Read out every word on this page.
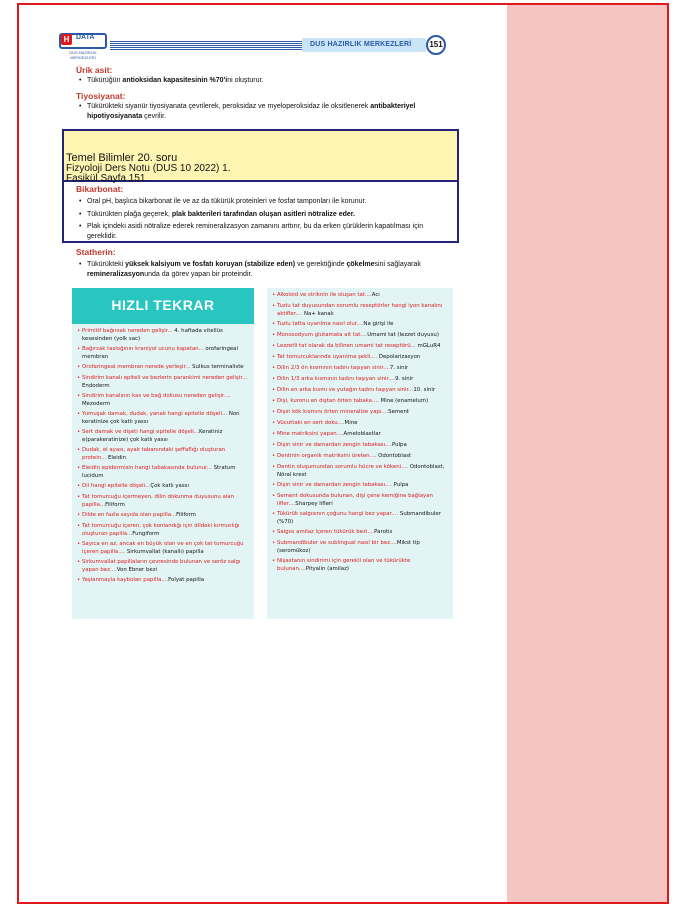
H DATA
DUS HAZIRLIK MERKEZLERİ
DUS HAZIRLIK MERKEZLERİ	151
Ürik asit:
• Tükürüğün antioksidan kapasitesinin %70'ini oluşturur.
Tiyosiyanat:
• Tükürükteki siyanür tiyosiyanata çevrilerek, peroksidaz ve myeloperoksidaz ile oksitlenerek antibakteriyel
hipotiyosiyanata çevrilir.
•
Temel Bilimler 20. soru
Fizyoloji Ders Notu (DUS 10 2022) 1.
Fasikül Sayfa 151
Bikarbonat:
• Oral pH, başlıca bikarbonat ile ve az da tükürük proteinleri ve fosfat tamponları ile korunur.
• Tükürükten plağa geçerek, plak bakterileri tarafından oluşan asitleri nötralize eder.
• Plak içindeki asidi nötralize ederek remineralizasyon zamanını arttırır, bu da erken çürüklerin kapatılması için
gereklidir.
Statherin:
• Tükürükteki yüksek kalsiyum ve fosfatı koruyan (stabilize eden) ve gerektiğinde çökelmesini sağlayarak
remineralizasyonunda da görev yapan bir proteindir.
HIZLI TEKRAR
• Primitif bağırsak nereden gelişir... 4. haftada vitellüs kesesinden (yolk sac)
• Bağırsak tasloğının kraniyol ucunu kapatan... orofaringeal membran
• Orofaringeal membran nerede yerleşir... Sulkus terminaliste
• Sindirim kanalı epiteli ve bezlerin parankimi nereden gelişir... Endoderm
• Sindirim kanalının kas ve bağ dokusu nereden gelişir.... Mezoderm
• Yumuşak damak, dudak, yanak hangi epitelle döşeli... Non keratinize çok katlı yassı
• Sert damak ve dişeti hangi epitelle döşeli...Keratiniz e(parakeratinize) çok katlı yassı
• Dudak, el ayası, ayak tabanındaki şeffaflığı oluşturan protein... Eleidin
• Eleidin epidermisin hangi tabakasında bulunur... Stratum lucidum
• Dil hangi epitelle döşeli...Çok katlı yassı
• Tat tomurcuğu içermeyen, dilin dokunma duyusunu alan papilla...Filiform
• Dilde en fazla sayıda olan papilla...Filiform
• Tat tomurcuğu içeren, çok konlandığı için dildeki kırmızılığı oluşturan papilla...Fungiform
• Sayıca en az, ancak en büyük olan ve en çok tat tomurcuğu içeren papilla.... Sirkumvallat (kanallı) papilla
• Sirkumvallat papillaların çevresinde bulunan ve seröz salgı yapan bez....Von Ebner bezi
• Yaşlanmayla kaybolan papilla....Folyat papilla
• Alkoloid ve striknin ile oluşan tat....Acı
• Tuzlu tat duyusundan sorumlu reseptörler hangi iyon kanalını aktifler.... Na+ kanalı
• Tuzlu tatta uyarılma nasıl olur....Na girişi ile
• Monosodyum glutamata ait tat....Umami tat (lezzet duyusu)
• Lezzetli tat olarak da bilinen umami tat reseptörü... mGLuR4
• Tat tomurcuklarında uyarılma şekli.... Depolarizasyon
• Dilin 2/3 ön kısmının tadını taşıyan sinir....7. sinir
• Dilin 1/3 arka kısmının tadını taşıyan sinir....9. sinir
• Dilin en arka kısmı ve yutağın tadını taşıyan sinir...10. sinir
• Dişi, kuronu en dıştan örten tabaka.... Mine (enamelum)
• Dişin kök kısmını örten mineralize yapı....Sement
• Vücuttaki en sert doku....Mine
• Mine matriksini yapan....Ameloblastlar
• Dişin sinir ve damardan zengin tabakası....Pulpa
• Dentinin organik matriksini üreten.... Odontoblast
• Dentin oluşumundan sorumlu hücre ve kökeni.... Odontoblast, Nöral krest
• Dişin sinir ve damardan zengin tabakası.... Pulpa
• Sement dokusunda bulunan, dişi çene kemiğine bağlayan lifler....Sharpey lifleri
• Tükürük salgısının çoğunu hangi bez yapar.... Submandibuler (%70)
• Salgısı amilaz içeren tükürük bezi....Parotis
• Submandibuler ve sublingual nasıl bir bez....Mikst tip (seromükoz)
• Nişastanın sindirimi için gerekli olan ve tükürükte bulunan....Pityalin (amilaz)
